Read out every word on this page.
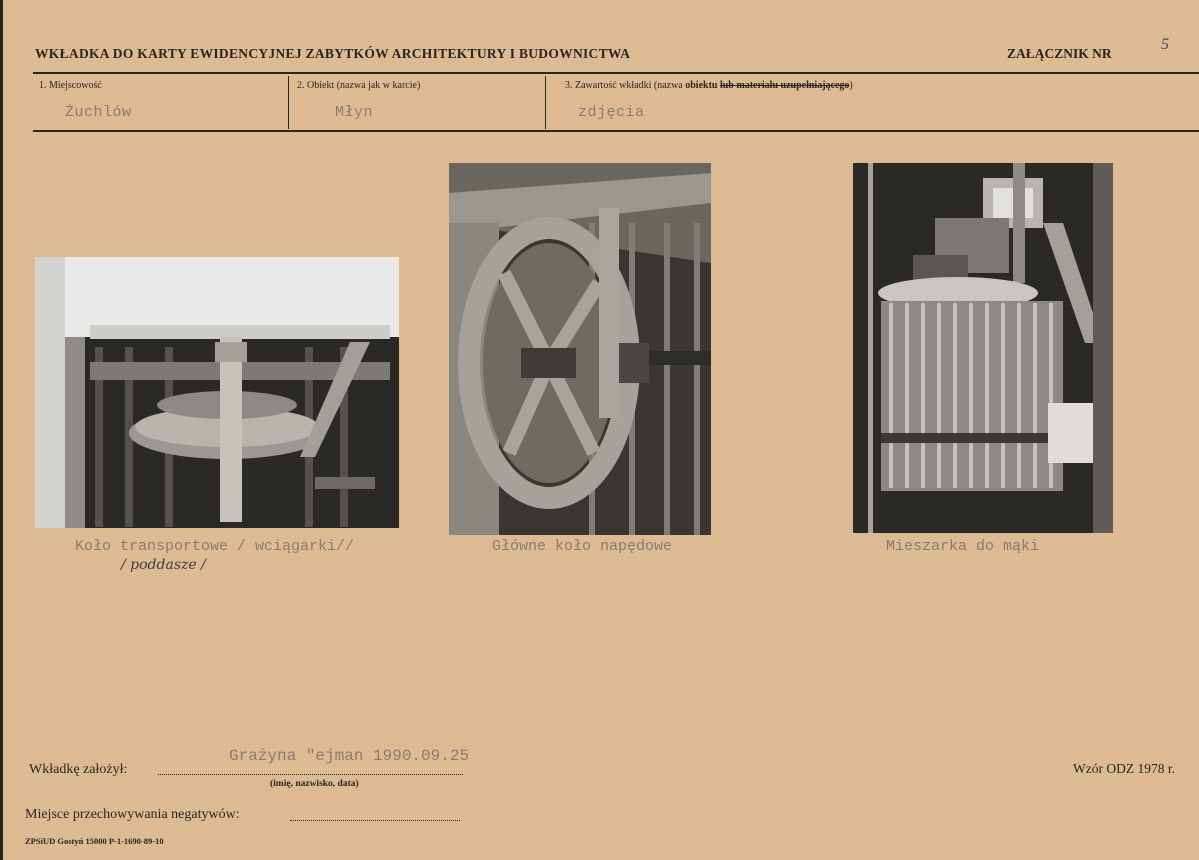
WKŁADKA DO KARTY EWIDENCYJNEJ ZABYTKÓW ARCHITEKTURY I BUDOWNICTWA	ZAŁĄCZNIK NR
5
1. Miejscowość
Żuchlów
2. Obiekt (nazwa jak w karcie)
Młyn
3. Zawartość wkładki (nazwa obiektu lub materiału uzupełniającego)
zdjęcia
Koło transportowe / wciągarki//
/ poddasze /
Główne koło napędowe	Mieszarka do mąki
Wkładkę założył:
Grażyna "ejman 1990.09.25
(imię, nazwisko, data)
Wzór ODZ 1978 r.
Miejsce przechowywania negatywów:
ZPSiUD Gostyń 15000 P-1-1690-89-10
